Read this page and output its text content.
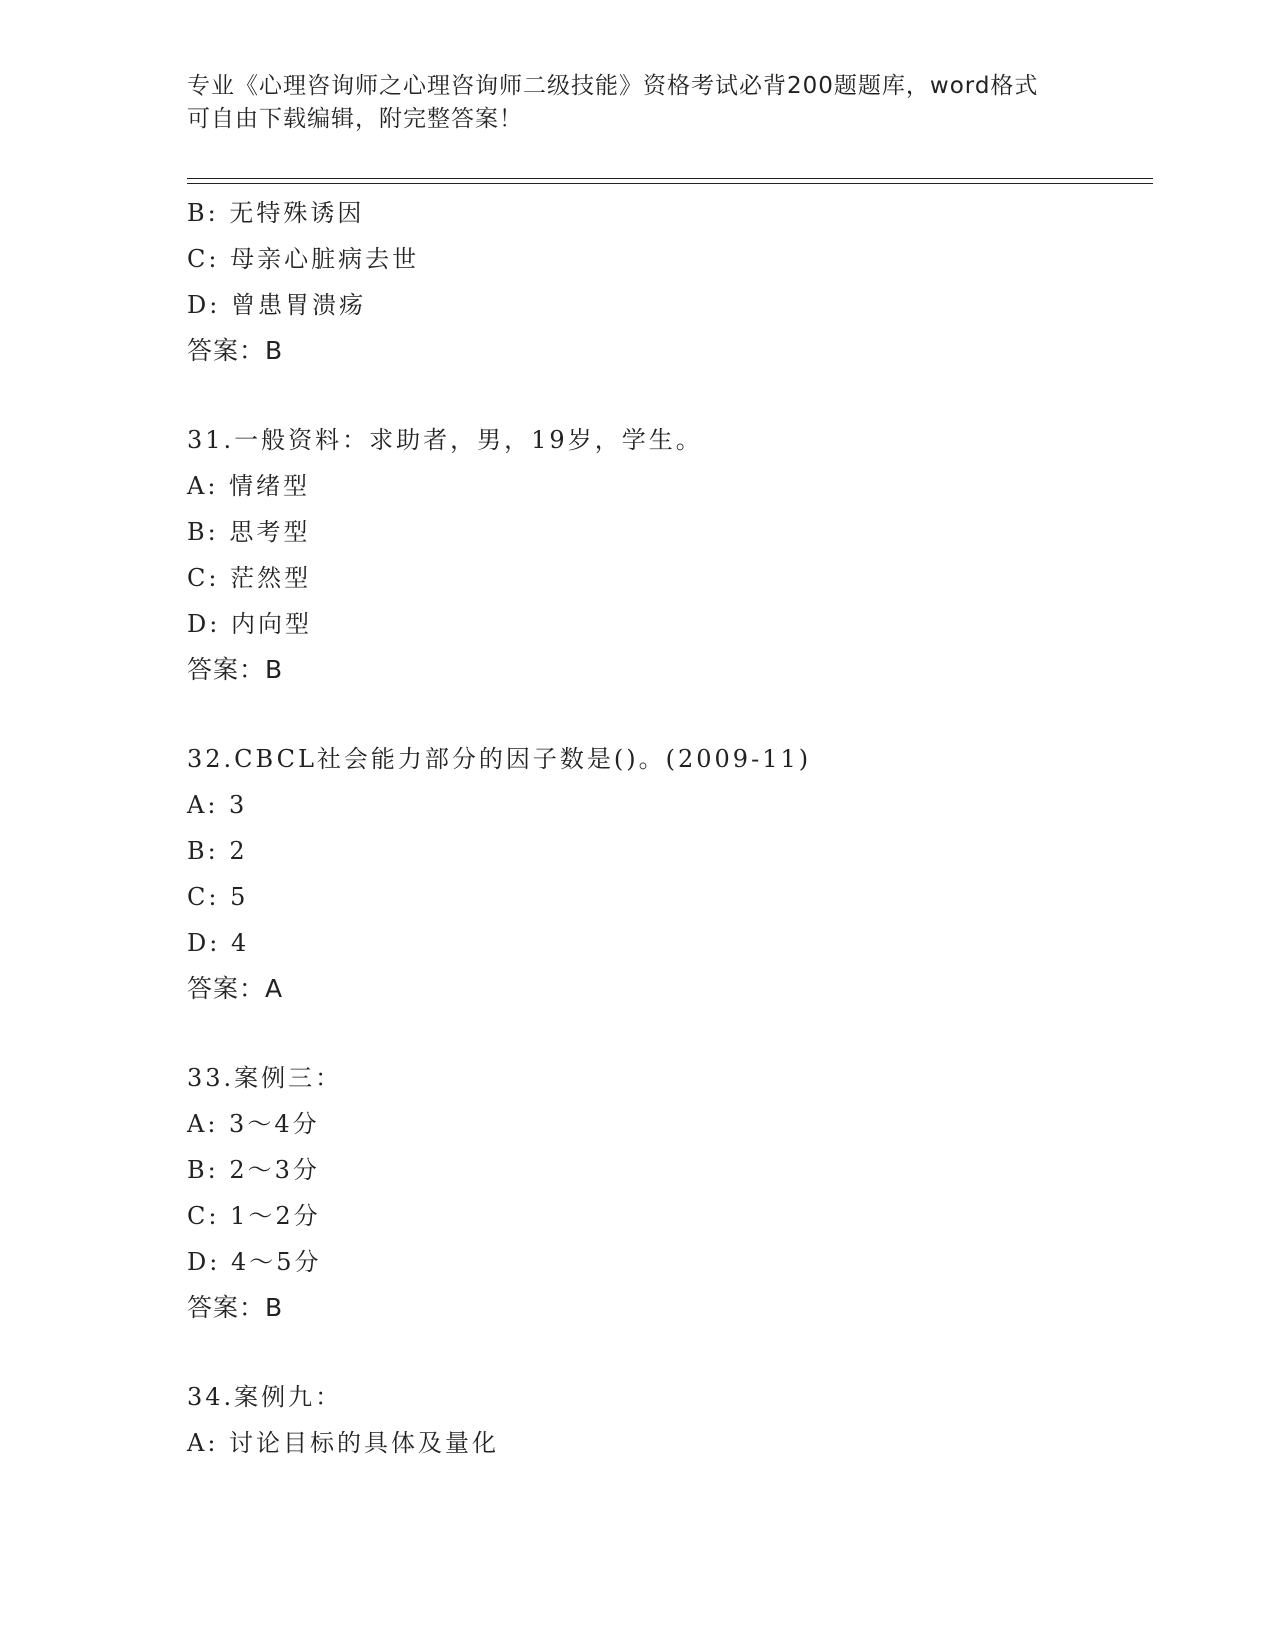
专业《心理咨询师之心理咨询师二级技能》资格考试必背200题题库，word格式
可自由下载编辑，附完整答案！
B: 无特殊诱因
C: 母亲心脏病去世
D: 曾患胃溃疡
答案：B
31.一般资料：求助者，男，19岁，学生。
A: 情绪型
B: 思考型
C: 茫然型
D: 内向型
答案：B
32.CBCL社会能力部分的因子数是()。(2009-11)
A: 3
B: 2
C: 5
D: 4
答案：A
33.案例三：
A: 3～4分
B: 2～3分
C: 1～2分
D: 4～5分
答案：B
34.案例九：
A: 讨论目标的具体及量化
